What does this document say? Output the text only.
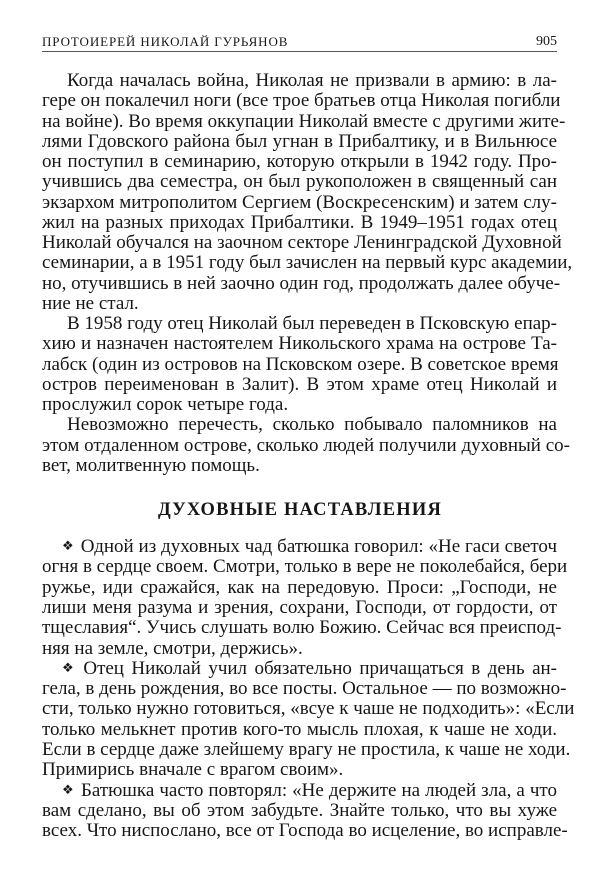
ПРОТОИЕРЕЙ НИКОЛАЙ ГУРЬЯНОВ	905
Когда началась война, Николая не призвали в армию: в ла-
гере он покалечил ноги (все трое братьев отца Николая погибли
на войне). Во время оккупации Николай вместе с другими жите-
лями Гдовского района был угнан в Прибалтику, и в Вильнюсе
он поступил в семинарию, которую открыли в 1942 году. Про-
учившись два семестра, он был рукоположен в священный сан
экзархом митрополитом Сергием (Воскресенским) и затем слу-
жил на разных приходах Прибалтики. В 1949–1951 годах отец
Николай обучался на заочном секторе Ленинградской Духовной
семинарии, а в 1951 году был зачислен на первый курс академии,
но, отучившись в ней заочно один год, продолжать далее обуче-
ние не стал.
В 1958 году отец Николай был переведен в Псковскую епар-
хию и назначен настоятелем Никольского храма на острове Та-
лабск (один из островов на Псковском озере. В советское время
остров переименован в Залит). В этом храме отец Николай и
прослужил сорок четыре года.
Невозможно перечесть, сколько побывало паломников на
этом отдаленном острове, сколько людей получили духовный со-
вет, молитвенную помощь.
ДУХОВНЫЕ НАСТАВЛЕНИЯ
❖ Одной из духовных чад батюшка говорил: «Не гаси светоч
огня в сердце своем. Смотри, только в вере не поколебайся, бери
ружье, иди сражайся, как на передовую. Проси: „Господи, не
лиши меня разума и зрения, сохрани, Господи, от гордости, от
тщеславия“. Учись слушать волю Божию. Сейчас вся преиспод-
няя на земле, смотри, держись».
❖ Отец Николай учил обязательно причащаться в день ан-
гела, в день рождения, во все посты. Остальное — по возможно-
сти, только нужно готовиться, «всуе к чаше не подходить»: «Если
только мелькнет против кого-то мысль плохая, к чаше не ходи.
Если в сердце даже злейшему врагу не простила, к чаше не ходи.
Примирись вначале с врагом своим».
❖ Батюшка часто повторял: «Не держите на людей зла, а что
вам сделано, вы об этом забудьте. Знайте только, что вы хуже
всех. Что ниспослано, все от Господа во исцеление, во исправле-
